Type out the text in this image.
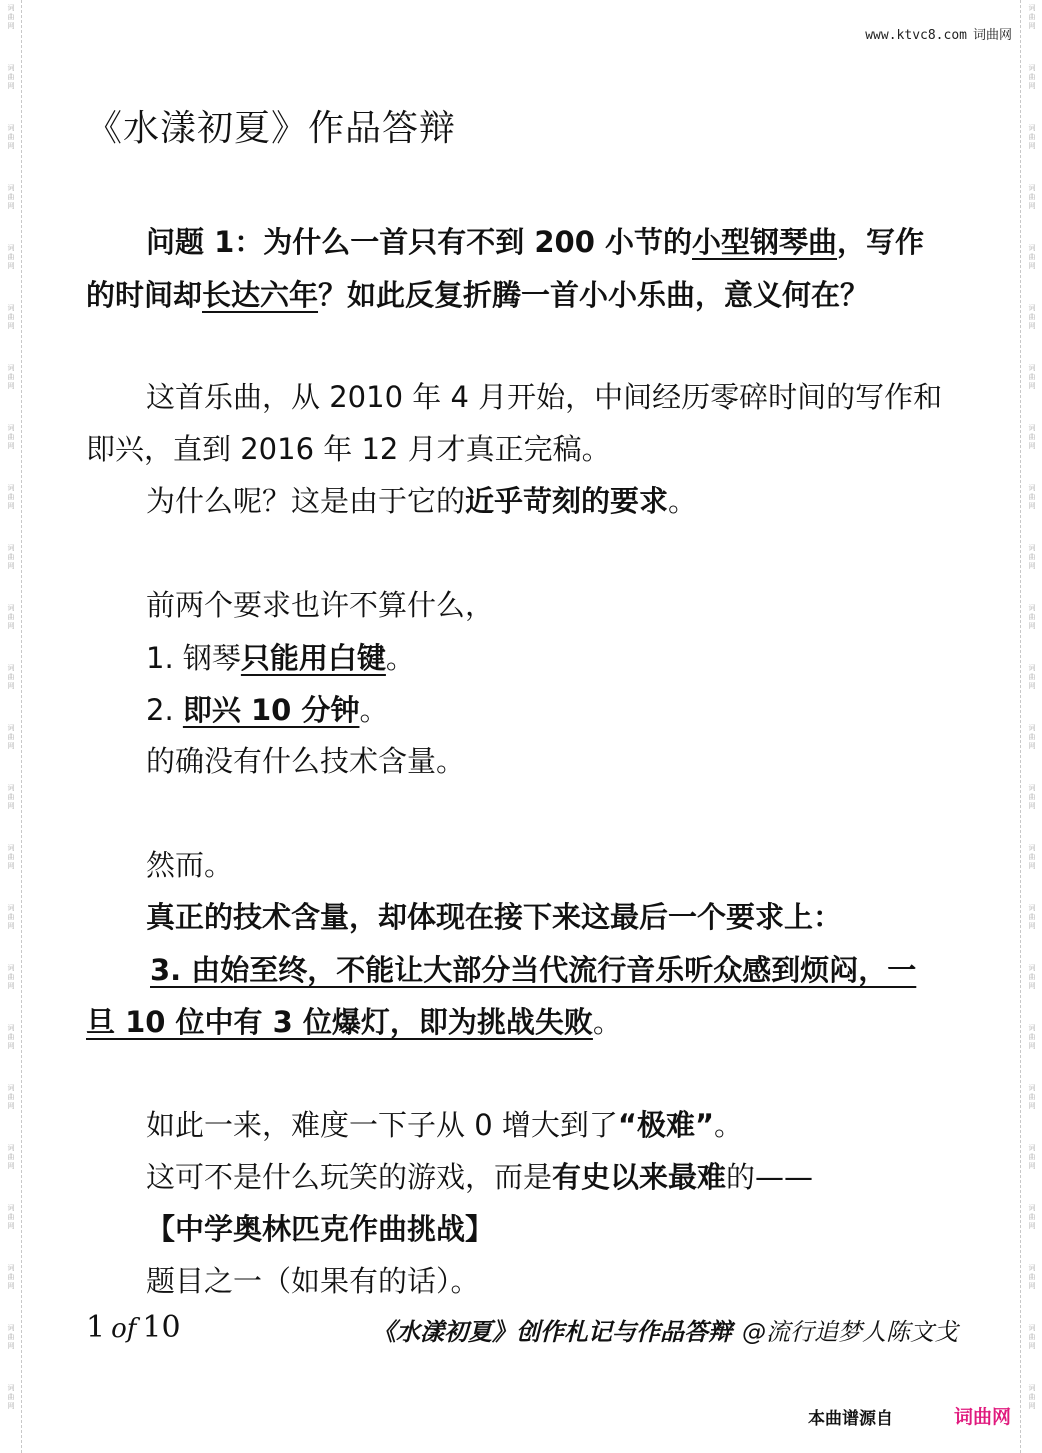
词
曲
网
词
曲
网
词
曲
网
词
曲
网
词
曲
网
词
曲
网
词
曲
网
词
曲
网
词
曲
网
词
曲
网
词
曲
网
词
曲
网
词
曲
网
词
曲
网
词
曲
网
词
曲
网
词
曲
网
词
曲
网
词
曲
网
词
曲
网
词
曲
网
词
曲
网
词
曲
网
词
曲
网
词
曲
网
词
曲
网
词
曲
网
词
曲
网
词
曲
网
词
曲
网
词
曲
网
词
曲
网
词
曲
网
词
曲
网
词
曲
网
词
曲
网
词
曲
网
词
曲
网
词
曲
网
词
曲
网
词
曲
网
词
曲
网
词
曲
网
词
曲
网
词
曲
网
词
曲
网
词
曲
网
词
曲
网
www.ktvc8.com 词曲网
《水漾初夏》作品答辩
问题 1：为什么一首只有不到 200 小节的小型钢琴曲，写作
的时间却长达六年？如此反复折腾一首小小乐曲，意义何在？
这首乐曲，从 2010 年 4 月开始，中间经历零碎时间的写作和
即兴，直到 2016 年 12 月才真正完稿。
为什么呢？这是由于它的近乎苛刻的要求。
前两个要求也许不算什么，
1. 钢琴只能用白键。
2. 即兴 10 分钟。
的确没有什么技术含量。
然而。
真正的技术含量，却体现在接下来这最后一个要求上：
3. 由始至终，不能让大部分当代流行音乐听众感到烦闷，一
旦 10 位中有 3 位爆灯，即为挑战失败。
如此一来，难度一下子从 0 增大到了“极难”。
这可不是什么玩笑的游戏，而是有史以来最难的——
【中学奥林匹克作曲挑战】
题目之一（如果有的话）。
1 of 10	《水漾初夏》创作札记与作品答辩 @流行追梦人陈文戈
本曲谱源自	词曲网
